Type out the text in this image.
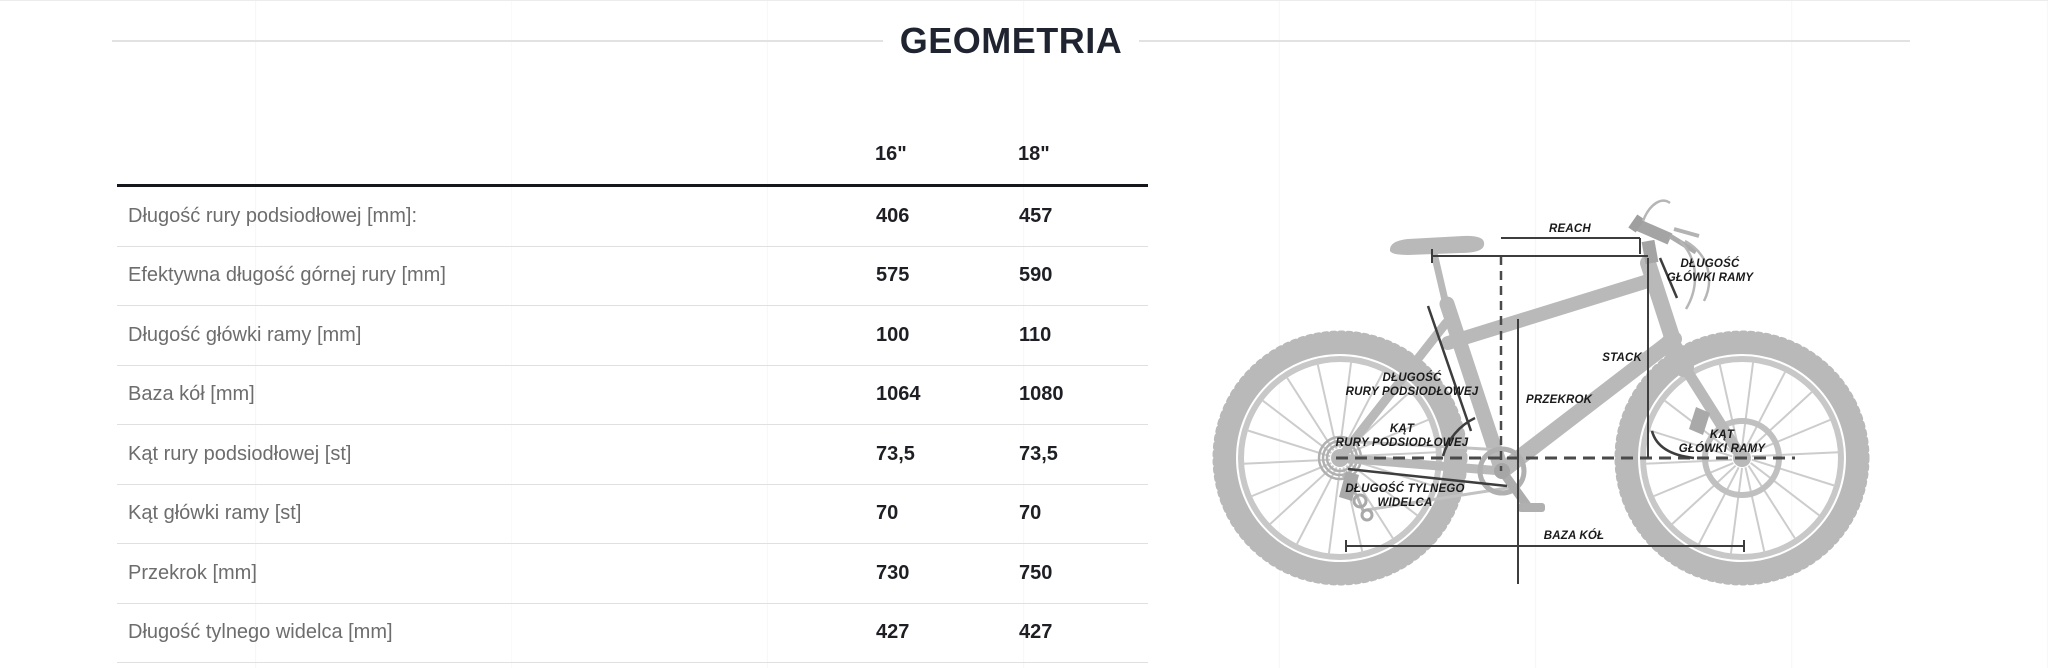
GEOMETRIA
	16"	18"
Długość rury podsiodłowej [mm]:	406	457
Efektywna długość górnej rury [mm]	575	590
Długość główki ramy [mm]	100	110
Baza kół [mm]	1064	1080
Kąt rury podsiodłowej [st]	73,5	73,5
Kąt główki ramy [st]	70	70
Przekrok [mm]	730	750
Długość tylnego widelca [mm]	427	427
REACH
DŁUGOŚĆ
GŁÓWKI RAMY
STACK
DŁUGOŚĆ
RURY PODSIODŁOWEJ
KĄT
RURY PODSIODŁOWEJ
PRZEKROK
KĄT
GŁÓWKI RAMY
DŁUGOŚĆ TYLNEGO
WIDELCA
BAZA KÓŁ
